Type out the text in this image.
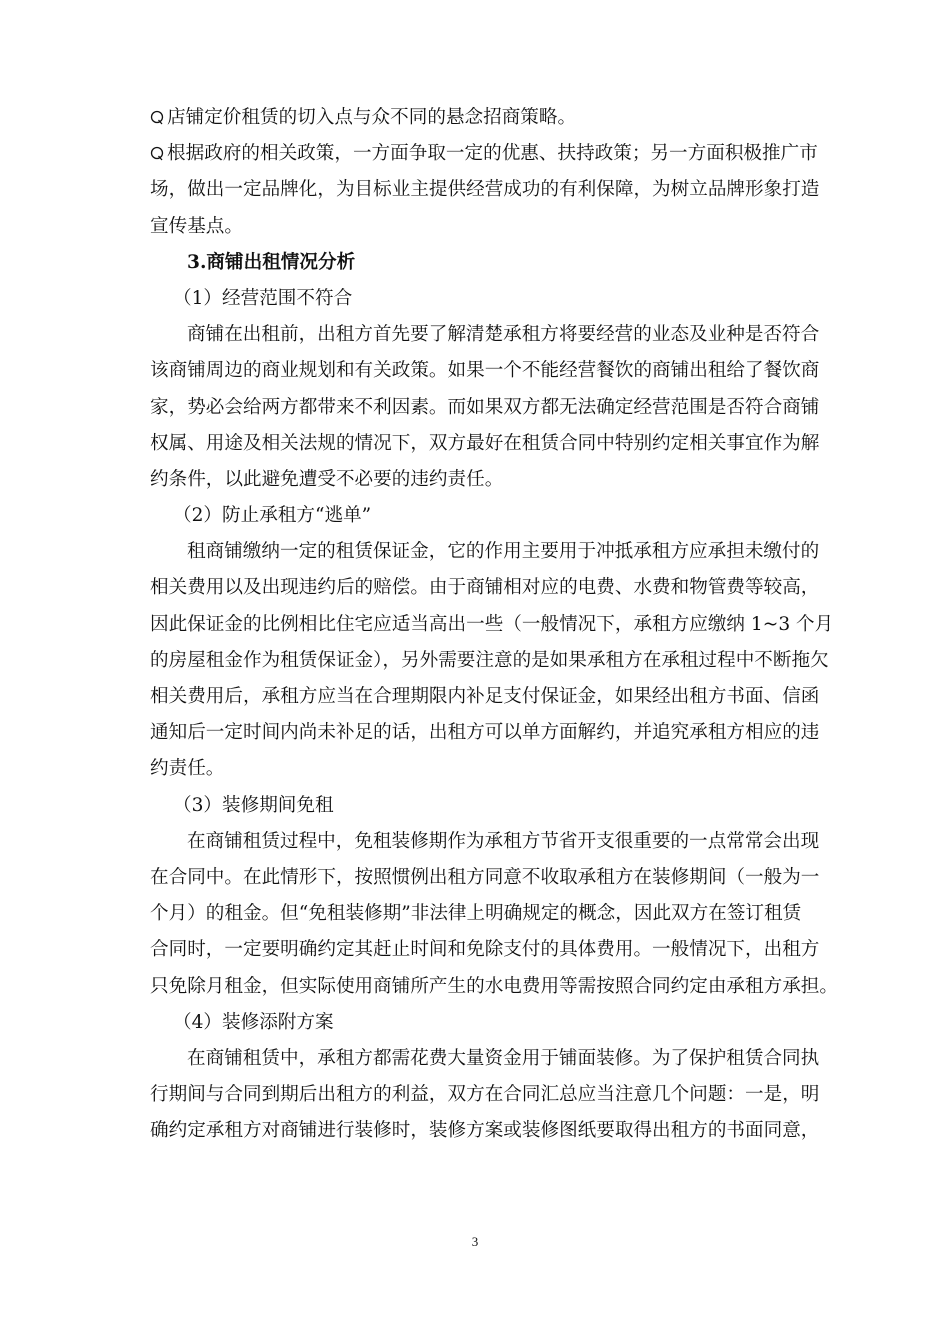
店铺定价租赁的切入点与众不同的悬念招商策略。
根据政府的相关政策，一方面争取一定的优惠、扶持政策；另一方面积极推广市
场，做出一定品牌化，为目标业主提供经营成功的有利保障，为树立品牌形象打造
宣传基点。
3.商铺出租情况分析
（1）经营范围不符合
商铺在出租前，出租方首先要了解清楚承租方将要经营的业态及业种是否符合
该商铺周边的商业规划和有关政策。如果一个不能经营餐饮的商铺出租给了餐饮商
家，势必会给两方都带来不利因素。而如果双方都无法确定经营范围是否符合商铺
权属、用途及相关法规的情况下，双方最好在租赁合同中特别约定相关事宜作为解
约条件，以此避免遭受不必要的违约责任。
（2）防止承租方“逃单”
租商铺缴纳一定的租赁保证金，它的作用主要用于冲抵承租方应承担未缴付的
相关费用以及出现违约后的赔偿。由于商铺相对应的电费、水费和物管费等较高，
因此保证金的比例相比住宅应适当高出一些（一般情况下，承租方应缴纳 1~3 个月
的房屋租金作为租赁保证金），另外需要注意的是如果承租方在承租过程中不断拖欠
相关费用后，承租方应当在合理期限内补足支付保证金，如果经出租方书面、信函
通知后一定时间内尚未补足的话，出租方可以单方面解约，并追究承租方相应的违
约责任。
（3）装修期间免租
在商铺租赁过程中，免租装修期作为承租方节省开支很重要的一点常常会出现
在合同中。在此情形下，按照惯例出租方同意不收取承租方在装修期间（一般为一
个月）的租金。但“免租装修期”非法律上明确规定的概念，因此双方在签订租赁
合同时，一定要明确约定其赶止时间和免除支付的具体费用。一般情况下，出租方
只免除月租金，但实际使用商铺所产生的水电费用等需按照合同约定由承租方承担。
（4）装修添附方案
在商铺租赁中，承租方都需花费大量资金用于铺面装修。为了保护租赁合同执
行期间与合同到期后出租方的利益，双方在合同汇总应当注意几个问题：一是，明
确约定承租方对商铺进行装修时，装修方案或装修图纸要取得出租方的书面同意，
3
